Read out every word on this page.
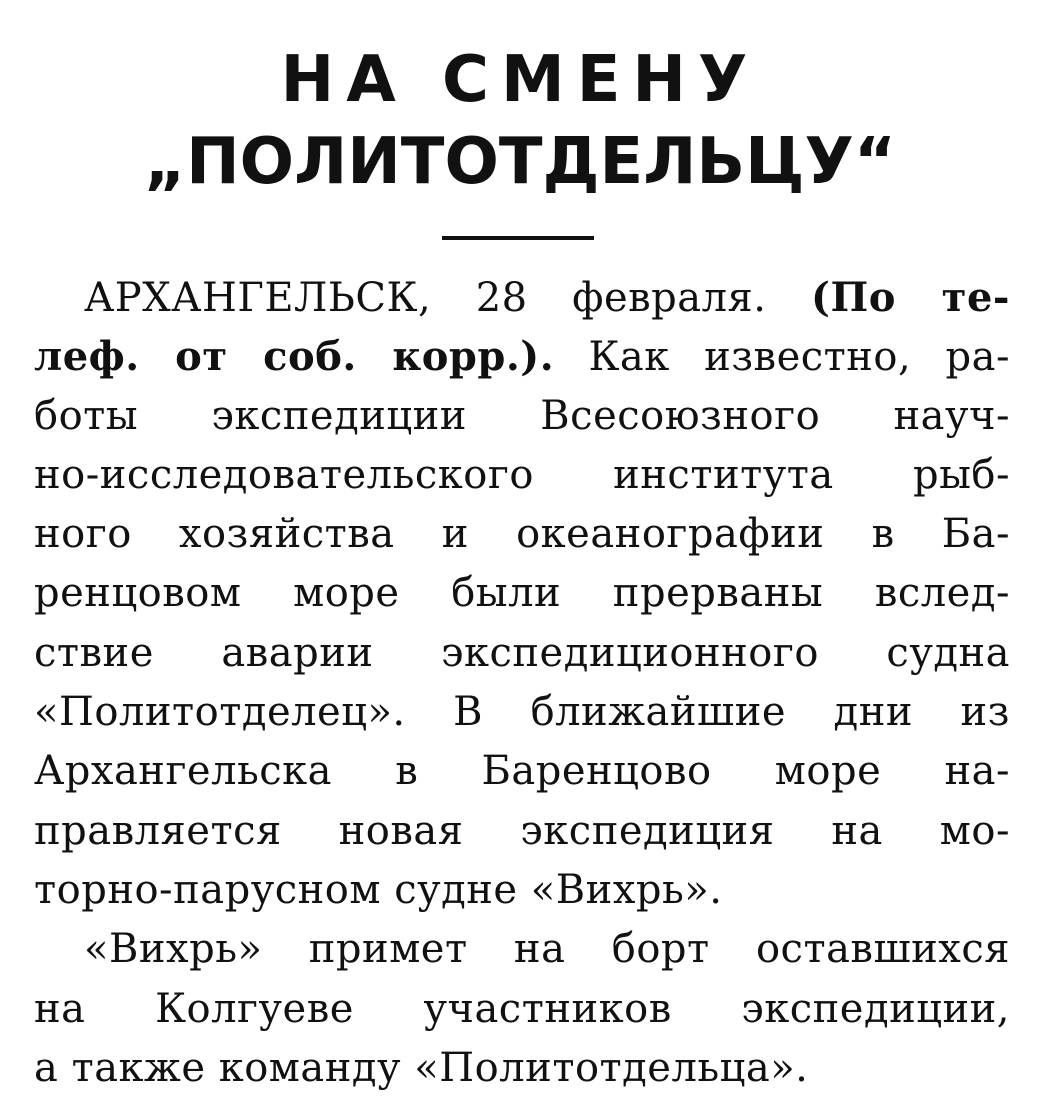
НА СМЕНУ
„ПОЛИТОТДЕЛЬЦУ“
АРХАНГЕЛЬСК, 28 февраля. (По те-
леф. от соб. корр.). Как известно, ра-
боты экспедиции Всесоюзного науч-
но-исследовательского института рыб-
ного хозяйства и океанографии в Ба-
ренцовом море были прерваны вслед-
ствие аварии экспедиционного судна
«Политотделец». В ближайшие дни из
Архангельска в Баренцово море на-
правляется новая экспедиция на мо-
торно-парусном судне «Вихрь».
«Вихрь» примет на борт оставшихся
на Колгуеве участников экспедиции,
а также команду «Политотдельца».
